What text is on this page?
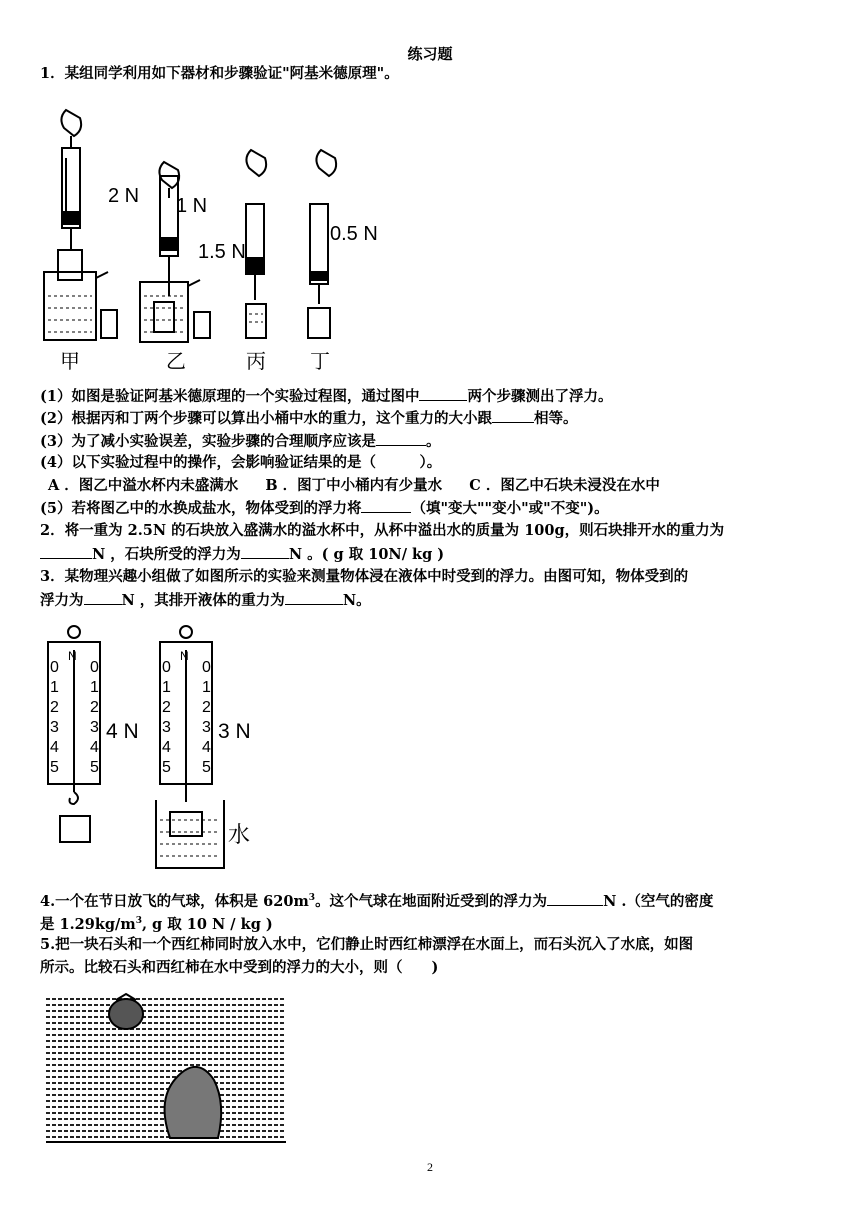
练习题
1．某组同学利用如下器材和步骤验证"阿基米德原理"。
2 N 1 N
1.5 N
0.5 N
甲	乙	丙 丁
(1）如图是验证阿基米德原理的一个实验过程图，通过图中	两个步骤测出了浮力。
(2）根据丙和丁两个步骤可以算出小桶中水的重力，这个重力的大小跟	相等。
(3）为了减小实验误差，实验步骤的合理顺序应该是	。
(4）以下实验过程中的操作，会影响验证结果的是（　　　）。
A ．图乙中溢水杯内未盛满水 B ．图丁中小桶内有少量水 C ．图乙中石块未浸没在水中
(5）若将图乙中的水换成盐水，物体受到的浮力将	（填"变大""变小"或"不变")。
2．将一重为 2.5N 的石块放入盛满水的溢水杯中，从杯中溢出水的质量为 100g，则石块排开水的重力为
N ，石块所受的浮力为	N 。( g 取 10N/ kg )
3．某物理兴趣小组做了如图所示的实验来测量物体浸在液体中时受到的浮力。由图可知，物体受到的
浮力为	N ，其排开液体的重力为	N。
0 0
1 1
2 2
3 3
4 4
5 5
0 0
1 1
2 2
3 3
4 4
5 5
4 N	3 N
水
N	N
4.一个在节日放飞的气球，体积是 $620m^3$。这个气球在地面附近受到的浮力为	N .（空气的密度
是 $1.29kg/m^3$, g 取 10 N / kg )
5.把一块石头和一个西红柿同时放入水中，它们静止时西红柿漂浮在水面上，而石头沉入了水底，如图
所示。比较石头和西红柿在水中受到的浮力的大小，则（　　)
2
